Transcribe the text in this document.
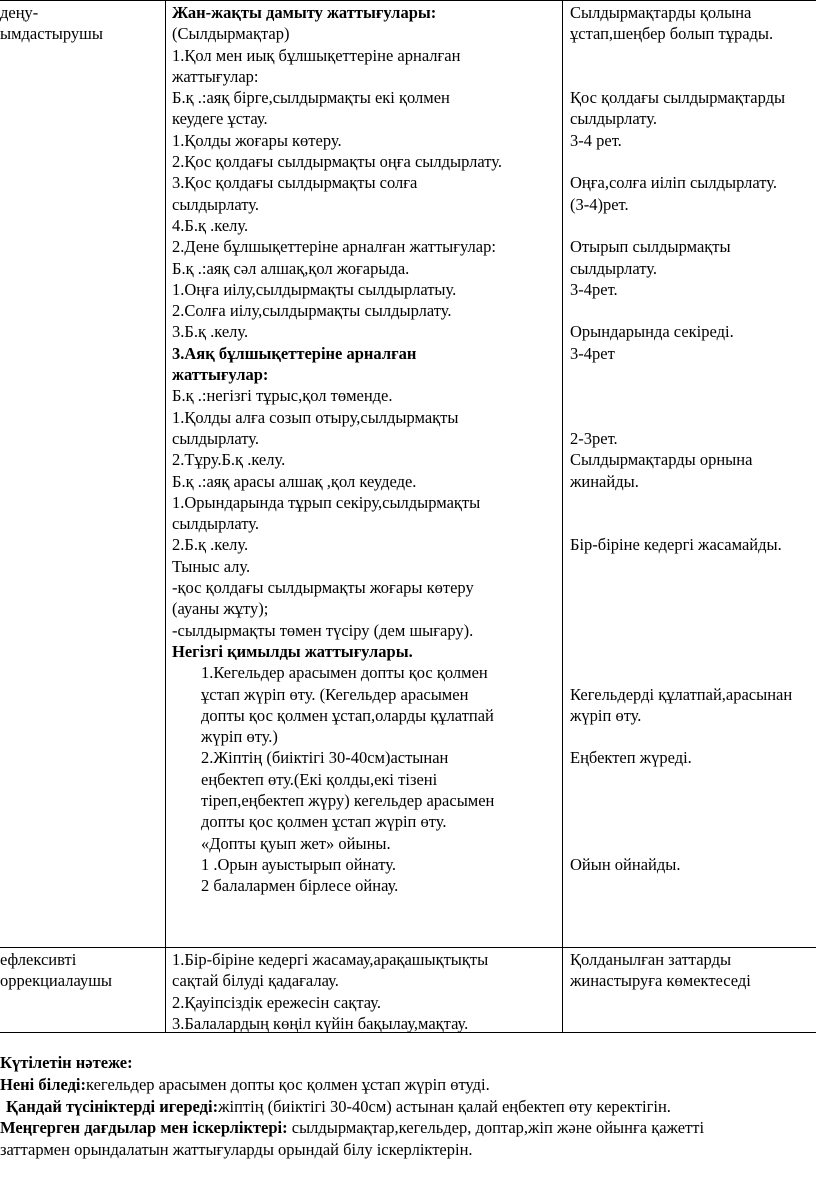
деңу-
ымдастырушы
Жан-жақты дамыту жаттығулары:
(Сылдырмақтар)
1.Қол мен иық бұлшықеттеріне арналған
жаттығулар:
Б.қ .:аяқ бірге,сылдырмақты екі қолмен
кеудеге ұстау.
1.Қолды жоғары көтеру.
2.Қос қолдағы сылдырмақты оңға сылдырлату.
3.Қос қолдағы сылдырмақты солға
сылдырлату.
4.Б.қ .келу.
2.Дене бұлшықеттеріне арналған жаттығулар:
Б.қ .:аяқ сәл алшақ,қол жоғарыда.
1.Оңға иілу,сылдырмақты сылдырлатыу.
2.Солға иілу,сылдырмақты сылдырлату.
3.Б.қ .келу.
3.Аяқ бұлшықеттеріне арналған
жаттығулар:
Б.қ .:негізгі тұрыс,қол төменде.
1.Қолды алға созып отыру,сылдырмақты
сылдырлату.
2.Тұру.Б.қ .келу.
Б.қ .:аяқ арасы алшақ ,қол кеудеде.
1.Орындарында тұрып секіру,сылдырмақты
сылдырлату.
2.Б.қ .келу.
Тыныс алу.
-қос қолдағы сылдырмақты жоғары көтеру
(ауаны жұту);
-сылдырмақты төмен түсіру (дем шығару).
Негізгі қимылды жаттығулары.
1.Кегельдер арасымен допты қос қолмен
ұстап жүріп өту. (Кегельдер арасымен
допты қос қолмен ұстап,оларды құлатпай
жүріп өту.)
2.Жіптің (биіктігі 30-40см)астынан
еңбектеп өту.(Екі қолды,екі тізені
тіреп,еңбектеп жүру) кегельдер арасымен
допты қос қолмен ұстап жүріп өту.
«Допты қуып жет» ойыны.
1 .Орын ауыстырып ойнату.
2 балалармен бірлесе ойнау.
Сылдырмақтарды қолына
ұстап,шеңбер болып тұрады.
Қос қолдағы сылдырмақтарды
сылдырлату.
3-4 рет.
Оңға,солға иіліп сылдырлату.
(3-4)рет.
Отырып сылдырмақты
сылдырлату.
3-4рет.
Орындарында секіреді.
3-4рет
2-3рет.
Сылдырмақтарды орнына
жинайды.
Бір-біріне кедергі жасамайды.
Кегельдерді құлатпай,арасынан
жүріп өту.
Еңбектеп жүреді.
Ойын ойнайды.
ефлексивті
оррекциалаушы
1.Бір-біріне кедергі жасамау,арақашықтықты
сақтай білуді қадағалау.
2.Қауіпсіздік ережесін сақтау.
3.Балалардың көңіл күйін бақылау,мақтау.
Қолданылған заттарды
жинастыруға көмектеседі
Күтілетін нәтеже:
Нені біледі:кегельдер арасымен допты қос қолмен ұстап жүріп өтуді.
Қандай түсініктерді игереді:жіптің (биіктігі 30-40см) астынан қалай еңбектеп өту керектігін.
Меңгерген дағдылар мен іскерліктері: сылдырмақтар,кегельдер, доптар,жіп және ойынға қажетті
заттармен орындалатын жаттығуларды орындай білу іскерліктерін.
